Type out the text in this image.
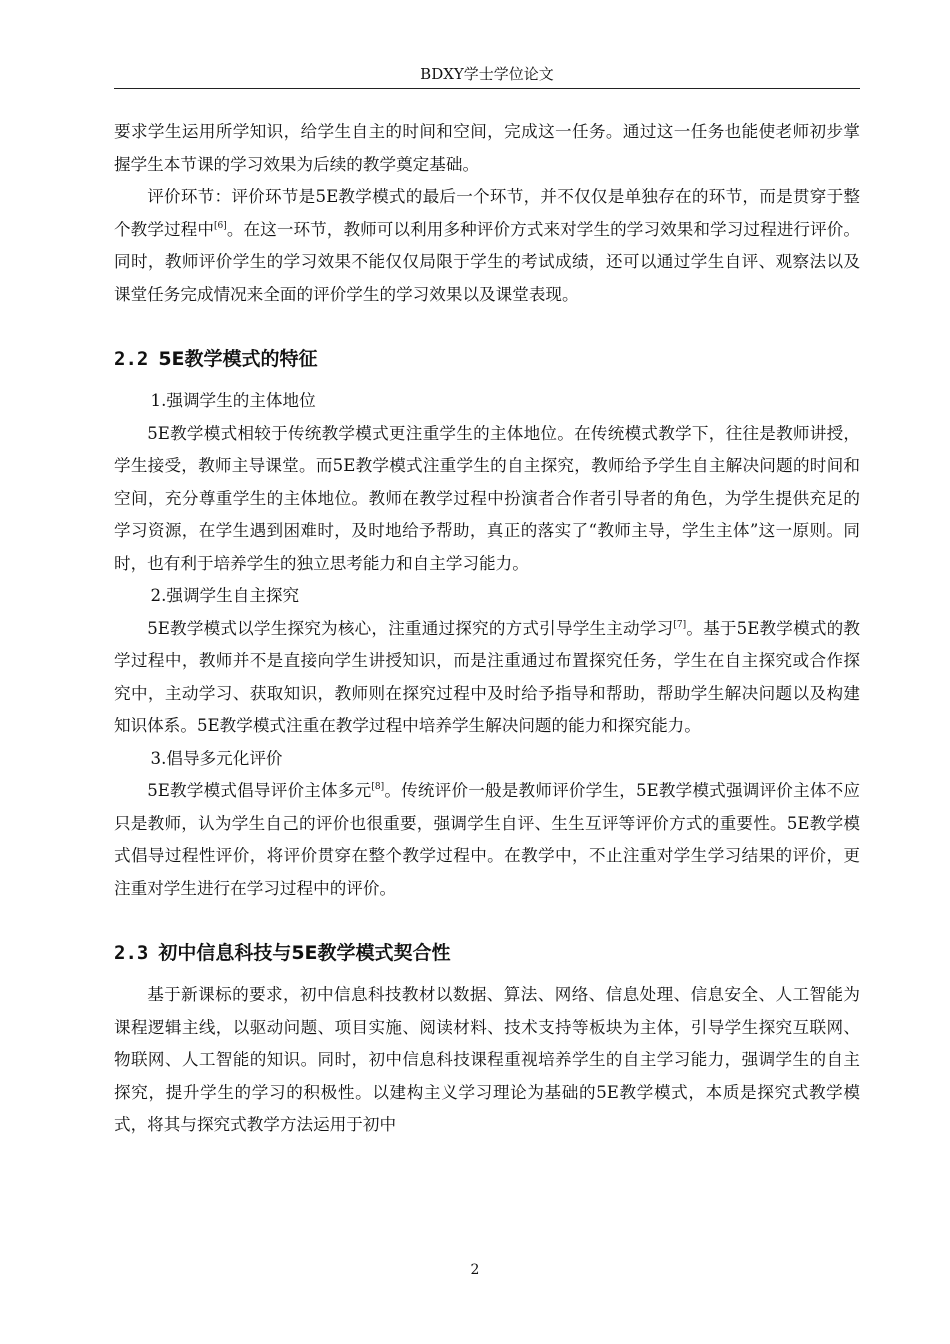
BDXY学士学位论文

要求学生运用所学知识，给学生自主的时间和空间，完成这一任务。通过这一任务也能使老师初步掌握学生本节课的学习效果为后续的教学奠定基础。

评价环节：评价环节是5E教学模式的最后一个环节，并不仅仅是单独存在的环节，而是贯穿于整个教学过程中[6]。在这一环节，教师可以利用多种评价方式来对学生的学习效果和学习过程进行评价。同时，教师评价学生的学习效果不能仅仅局限于学生的考试成绩，还可以通过学生自评、观察法以及课堂任务完成情况来全面的评价学生的学习效果以及课堂表现。

2.2 5E教学模式的特征

1.强调学生的主体地位

5E教学模式相较于传统教学模式更注重学生的主体地位。在传统模式教学下，往往是教师讲授，学生接受，教师主导课堂。而5E教学模式注重学生的自主探究，教师给予学生自主解决问题的时间和空间，充分尊重学生的主体地位。教师在教学过程中扮演者合作者引导者的角色，为学生提供充足的学习资源，在学生遇到困难时，及时地给予帮助，真正的落实了“教师主导，学生主体”这一原则。同时，也有利于培养学生的独立思考能力和自主学习能力。

2.强调学生自主探究

5E教学模式以学生探究为核心，注重通过探究的方式引导学生主动学习[7]。基于5E教学模式的教学过程中，教师并不是直接向学生讲授知识，而是注重通过布置探究任务，学生在自主探究或合作探究中，主动学习、获取知识，教师则在探究过程中及时给予指导和帮助，帮助学生解决问题以及构建知识体系。5E教学模式注重在教学过程中培养学生解决问题的能力和探究能力。

3.倡导多元化评价

5E教学模式倡导评价主体多元[8]。传统评价一般是教师评价学生，5E教学模式强调评价主体不应只是教师，认为学生自己的评价也很重要，强调学生自评、生生互评等评价方式的重要性。5E教学模式倡导过程性评价，将评价贯穿在整个教学过程中。在教学中，不止注重对学生学习结果的评价，更注重对学生进行在学习过程中的评价。

2.3 初中信息科技与5E教学模式契合性

基于新课标的要求，初中信息科技教材以数据、算法、网络、信息处理、信息安全、人工智能为课程逻辑主线，以驱动问题、项目实施、阅读材料、技术支持等板块为主体，引导学生探究互联网、物联网、人工智能的知识。同时，初中信息科技课程重视培养学生的自主学习能力，强调学生的自主探究，提升学生的学习的积极性。以建构主义学习理论为基础的5E教学模式，本质是探究式教学模式，将其与探究式教学方法运用于初中

2
